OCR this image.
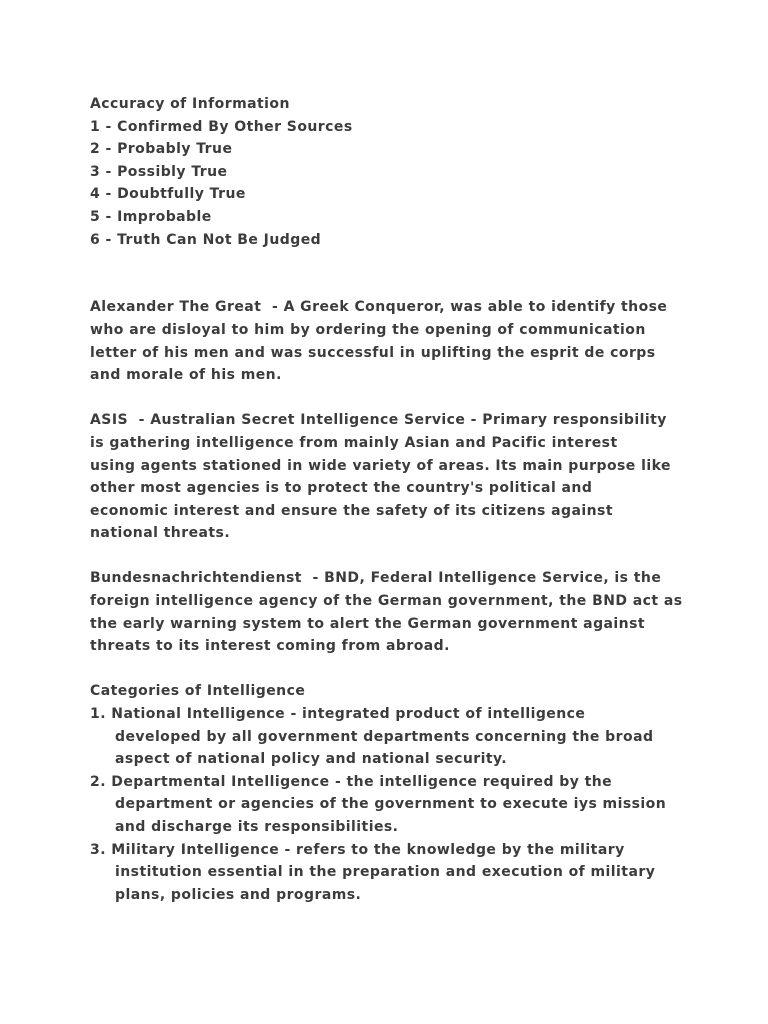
Accuracy of Information
1 - Confirmed By Other Sources
2 - Probably True
3 - Possibly True
4 - Doubtfully True
5 - Improbable
6 - Truth Can Not Be Judged
Alexander The Great  - A Greek Conqueror, was able to identify those
who are disloyal to him by ordering the opening of communication
letter of his men and was successful in uplifting the esprit de corps
and morale of his men.
ASIS  - Australian Secret Intelligence Service - Primary responsibility
is gathering intelligence from mainly Asian and Pacific interest
using agents stationed in wide variety of areas. Its main purpose like
other most agencies is to protect the country's political and
economic interest and ensure the safety of its citizens against
national threats.
Bundesnachrichtendienst  - BND, Federal Intelligence Service, is the
foreign intelligence agency of the German government, the BND act as
the early warning system to alert the German government against
threats to its interest coming from abroad.
Categories of Intelligence
1. National Intelligence - integrated product of intelligence
developed by all government departments concerning the broad
aspect of national policy and national security.
2. Departmental Intelligence - the intelligence required by the
department or agencies of the government to execute iys mission
and discharge its responsibilities.
3. Military Intelligence - refers to the knowledge by the military
institution essential in the preparation and execution of military
plans, policies and programs.
